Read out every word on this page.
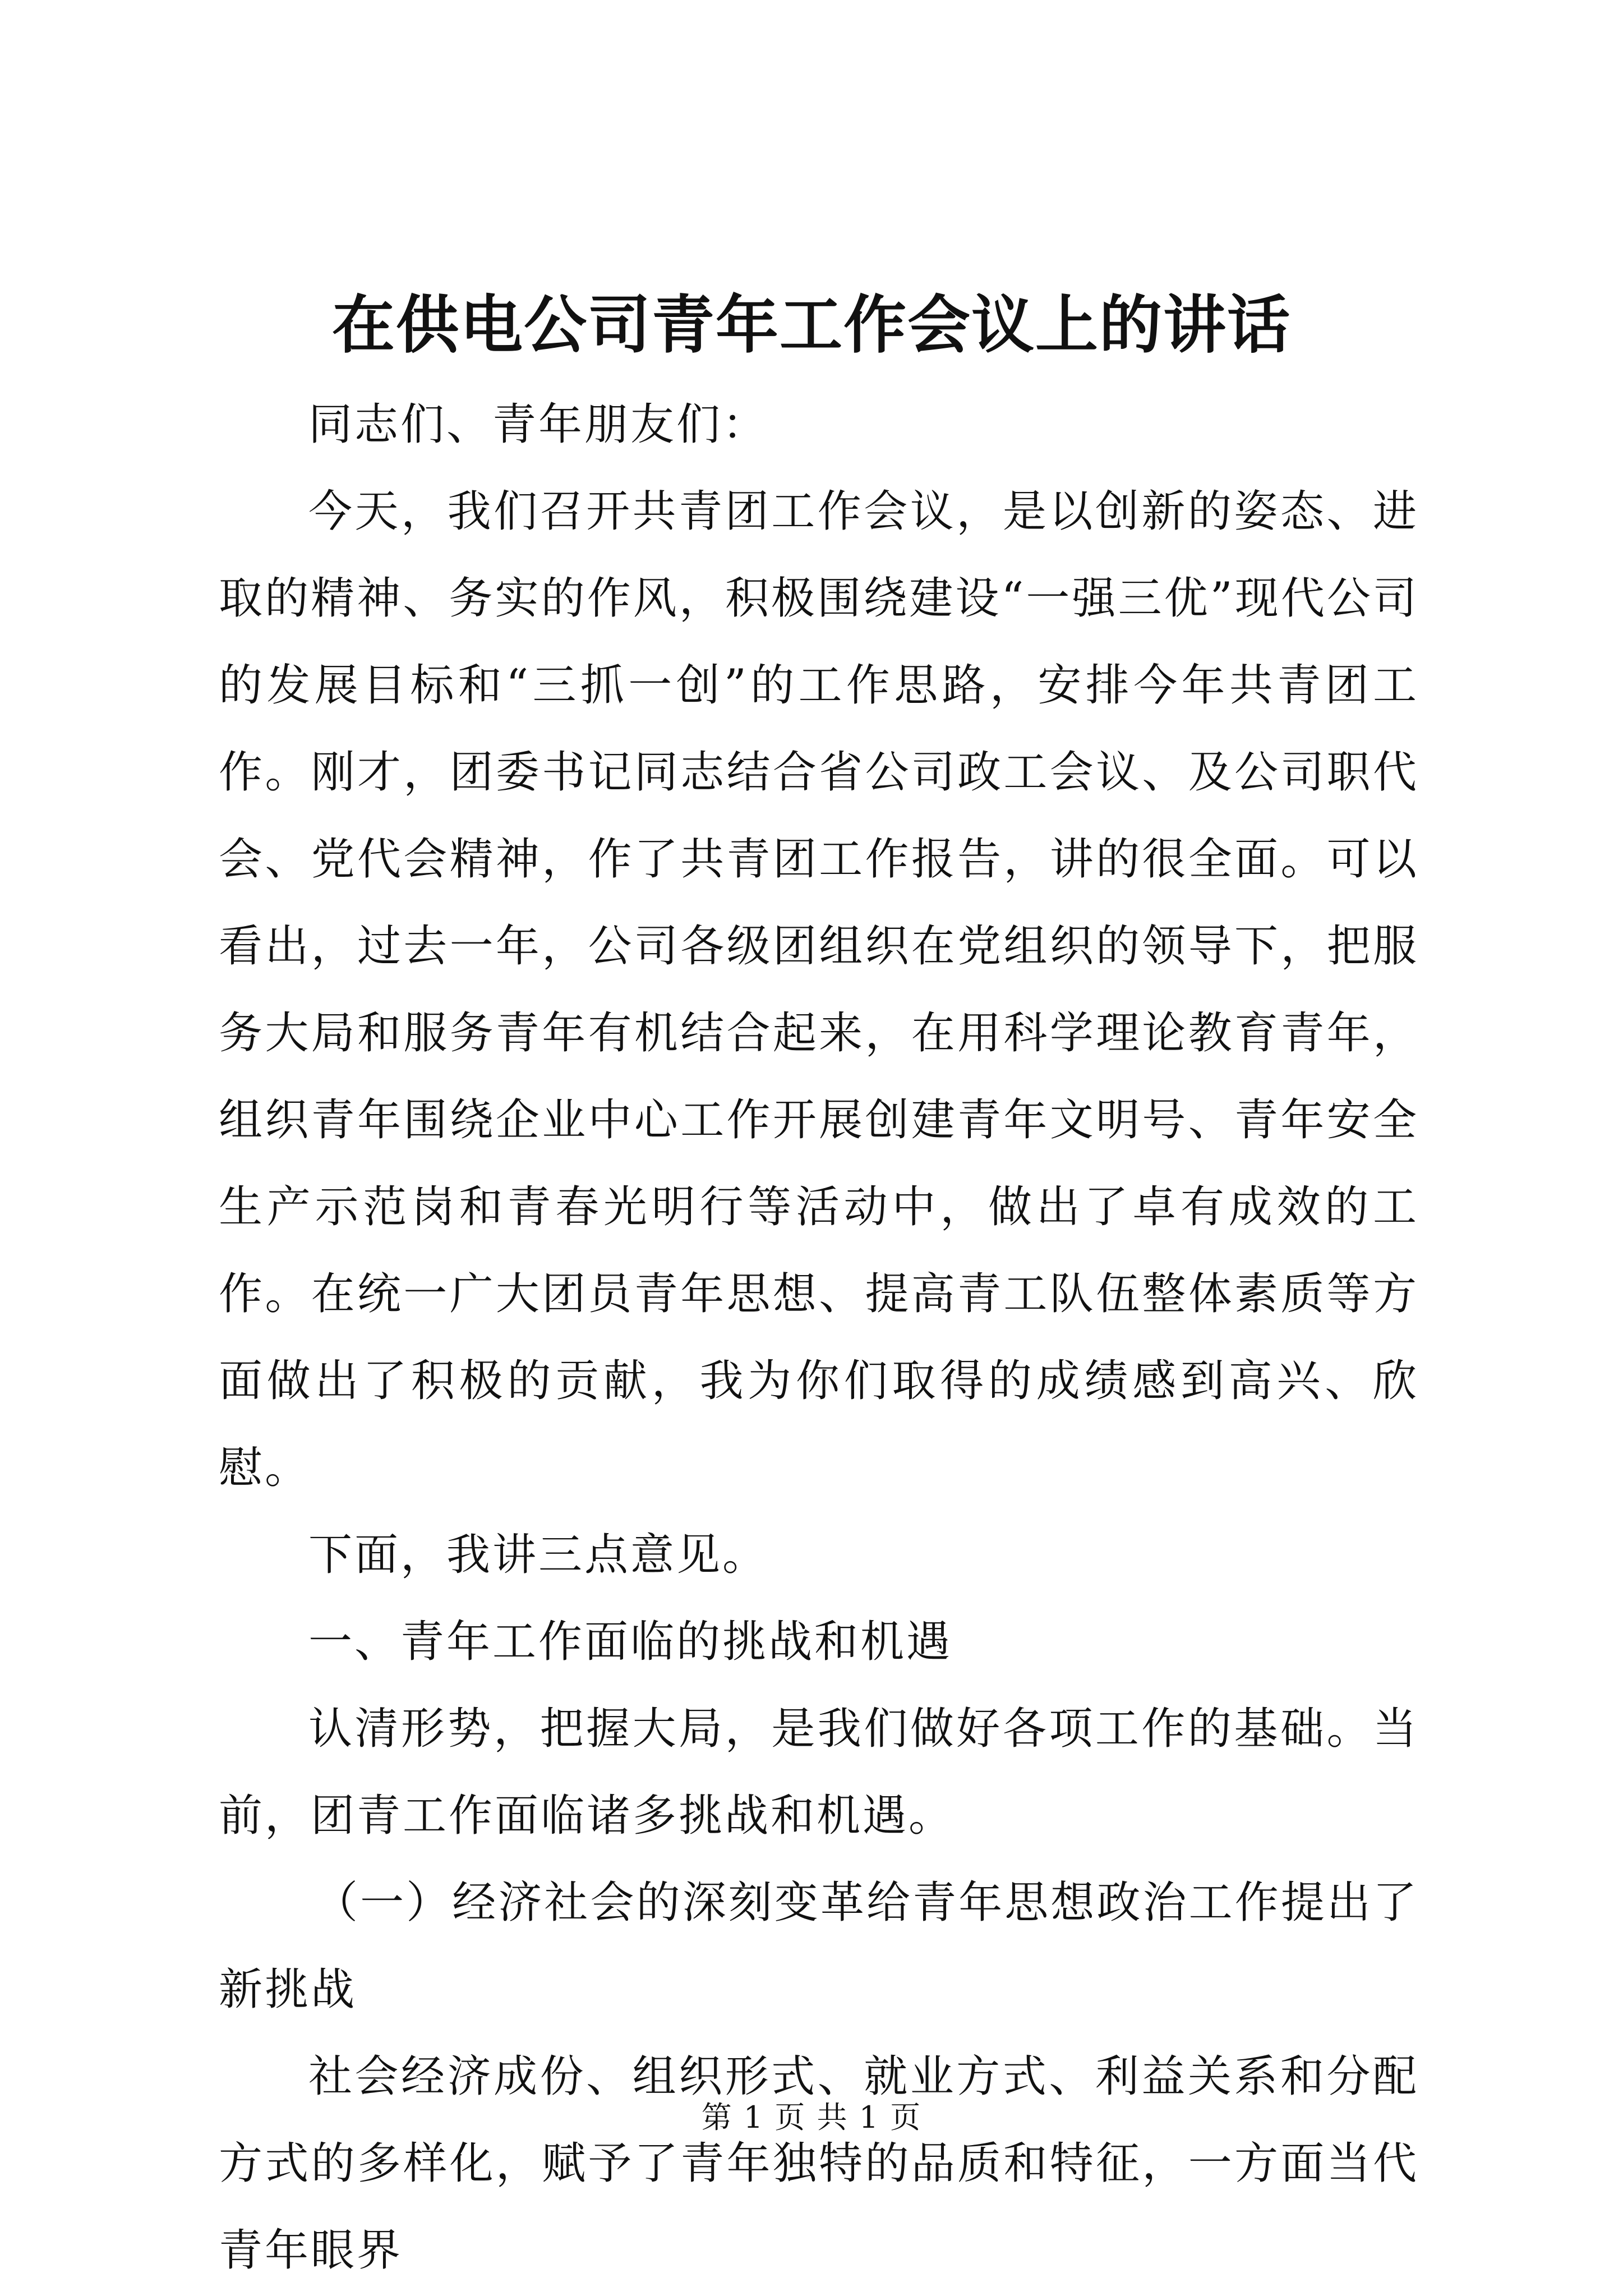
在供电公司青年工作会议上的讲话

同志们、青年朋友们：

今天，我们召开共青团工作会议，是以创新的姿态、进取的精神、务实的作风，积极围绕建设“一强三优”现代公司的发展目标和“三抓一创”的工作思路，安排今年共青团工作。刚才，团委书记同志结合省公司政工会议、及公司职代会、党代会精神，作了共青团工作报告，讲的很全面。可以看出，过去一年，公司各级团组织在党组织的领导下，把服务大局和服务青年有机结合起来，在用科学理论教育青年，组织青年围绕企业中心工作开展创建青年文明号、青年安全生产示范岗和青春光明行等活动中，做出了卓有成效的工作。在统一广大团员青年思想、提高青工队伍整体素质等方面做出了积极的贡献，我为你们取得的成绩感到高兴、欣慰。

下面，我讲三点意见。

一、青年工作面临的挑战和机遇

认清形势，把握大局，是我们做好各项工作的基础。当前，团青工作面临诸多挑战和机遇。

（一）经济社会的深刻变革给青年思想政治工作提出了新挑战

社会经济成份、组织形式、就业方式、利益关系和分配方式的多样化，赋予了青年独特的品质和特征，一方面当代青年眼界

第 1 页 共 1 页
